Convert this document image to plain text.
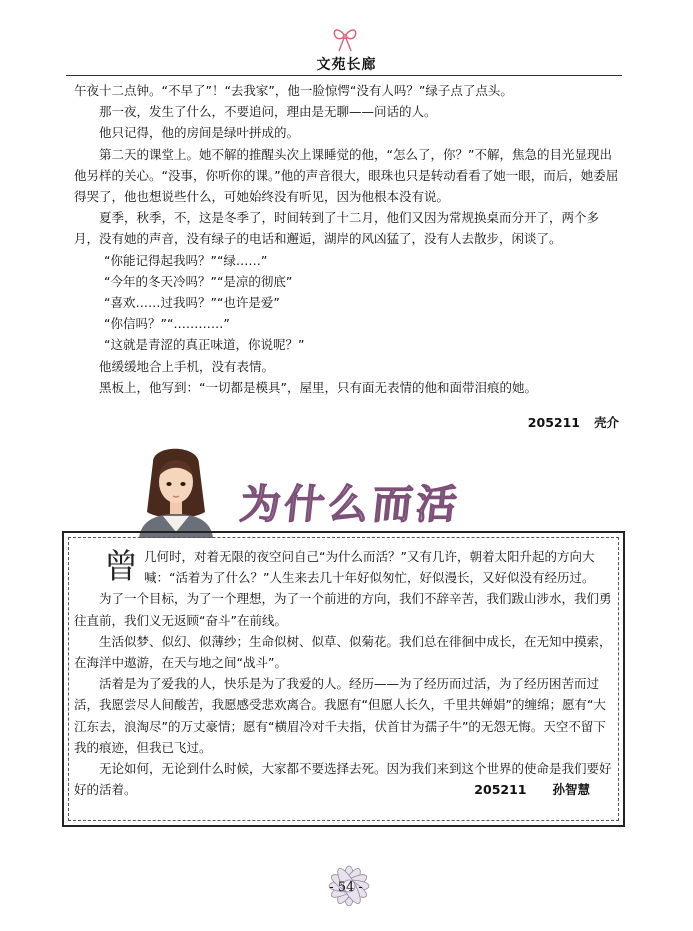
文苑长廊

午夜十二点钟。“不早了”！“去我家”，他一脸惊愕“没有人吗？”绿子点了点头。

那一夜，发生了什么，不要追问，理由是无聊——问话的人。

他只记得，他的房间是绿叶拼成的。

第二天的课堂上。她不解的推醒头次上课睡觉的他，“怎么了，你？”不解，焦急的目光显现出他另样的关心。“没事，你听你的课。”他的声音很大，眼珠也只是转动看看了她一眼，而后，她委屈得哭了，他也想说些什么，可她始终没有听见，因为他根本没有说。

夏季，秋季，不，这是冬季了，时间转到了十二月，他们又因为常规换桌而分开了，两个多月，没有她的声音，没有绿子的电话和邂逅，湖岸的风凶猛了，没有人去散步，闲谈了。

“你能记得起我吗？”“绿……”

“今年的冬天冷吗？”“是凉的彻底”

“喜欢……过我吗？”“也许是爱”

“你信吗？”“…………”

“这就是青涩的真正味道，你说呢？”

他缓缓地合上手机，没有表情。

黑板上，他写到：“一切都是模具”，屋里，只有面无表情的他和面带泪痕的她。

205211 壳介
为什么而活

曾几何时，对着无限的夜空问自己“为什么而活？”又有几许，朝着太阳升起的方向大喊：“活着为了什么？”人生来去几十年好似匆忙，好似漫长，又好似没有经历过。

为了一个目标，为了一个理想，为了一个前进的方向，我们不辞辛苦，我们跋山涉水，我们勇往直前，我们义无返顾“奋斗”在前线。

生活似梦、似幻、似薄纱；生命似树、似草、似菊花。我们总在徘徊中成长，在无知中摸索，在海洋中遨游，在天与地之间“战斗”。

活着是为了爱我的人，快乐是为了我爱的人。经历——为了经历而过活，为了经历困苦而过活，我愿尝尽人间酸苦，我愿感受悲欢离合。我愿有“但愿人长久，千里共婵娟”的缠绵；愿有“大江东去，浪淘尽”的万丈豪情；愿有“横眉冷对千夫指，伏首甘为孺子牛”的无怨无悔。天空不留下我的痕迹，但我已飞过。

无论如何，无论到什么时候，大家都不要选择去死。因为我们来到这个世界的使命是我们要好好的活着。	205211 孙智慧

- 54 -
